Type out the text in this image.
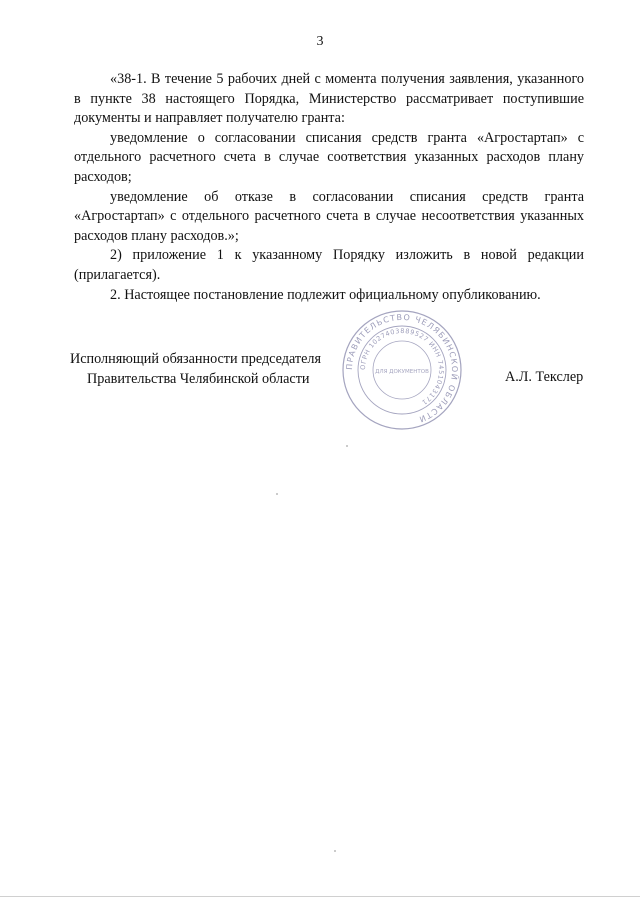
3

«38-1. В течение 5 рабочих дней с момента получения заявления, указанного в пункте 38 настоящего Порядка, Министерство рассматривает поступившие документы и направляет получателю гранта:

уведомление о согласовании списания средств гранта «Агростартап» с отдельного расчетного счета в случае соответствия указанных расходов плану расходов;

уведомление об отказе в согласовании списания средств гранта «Агростартап» с отдельного расчетного счета в случае несоответствия указанных расходов плану расходов.»;

2) приложение 1 к указанному Порядку изложить в новой редакции (прилагается).

2. Настоящее постановление подлежит официальному опубликованию.

Исполняющий обязанности председателя
Правительства Челябинской области	А.Л. Текслер
ПРАВИТЕЛЬСТВО ЧЕЛЯБИНСКОЙ ОБЛАСТИ
ОГРН 1027403889527 ИНН 7451043171
ДЛЯ ДОКУМЕНТОВ
